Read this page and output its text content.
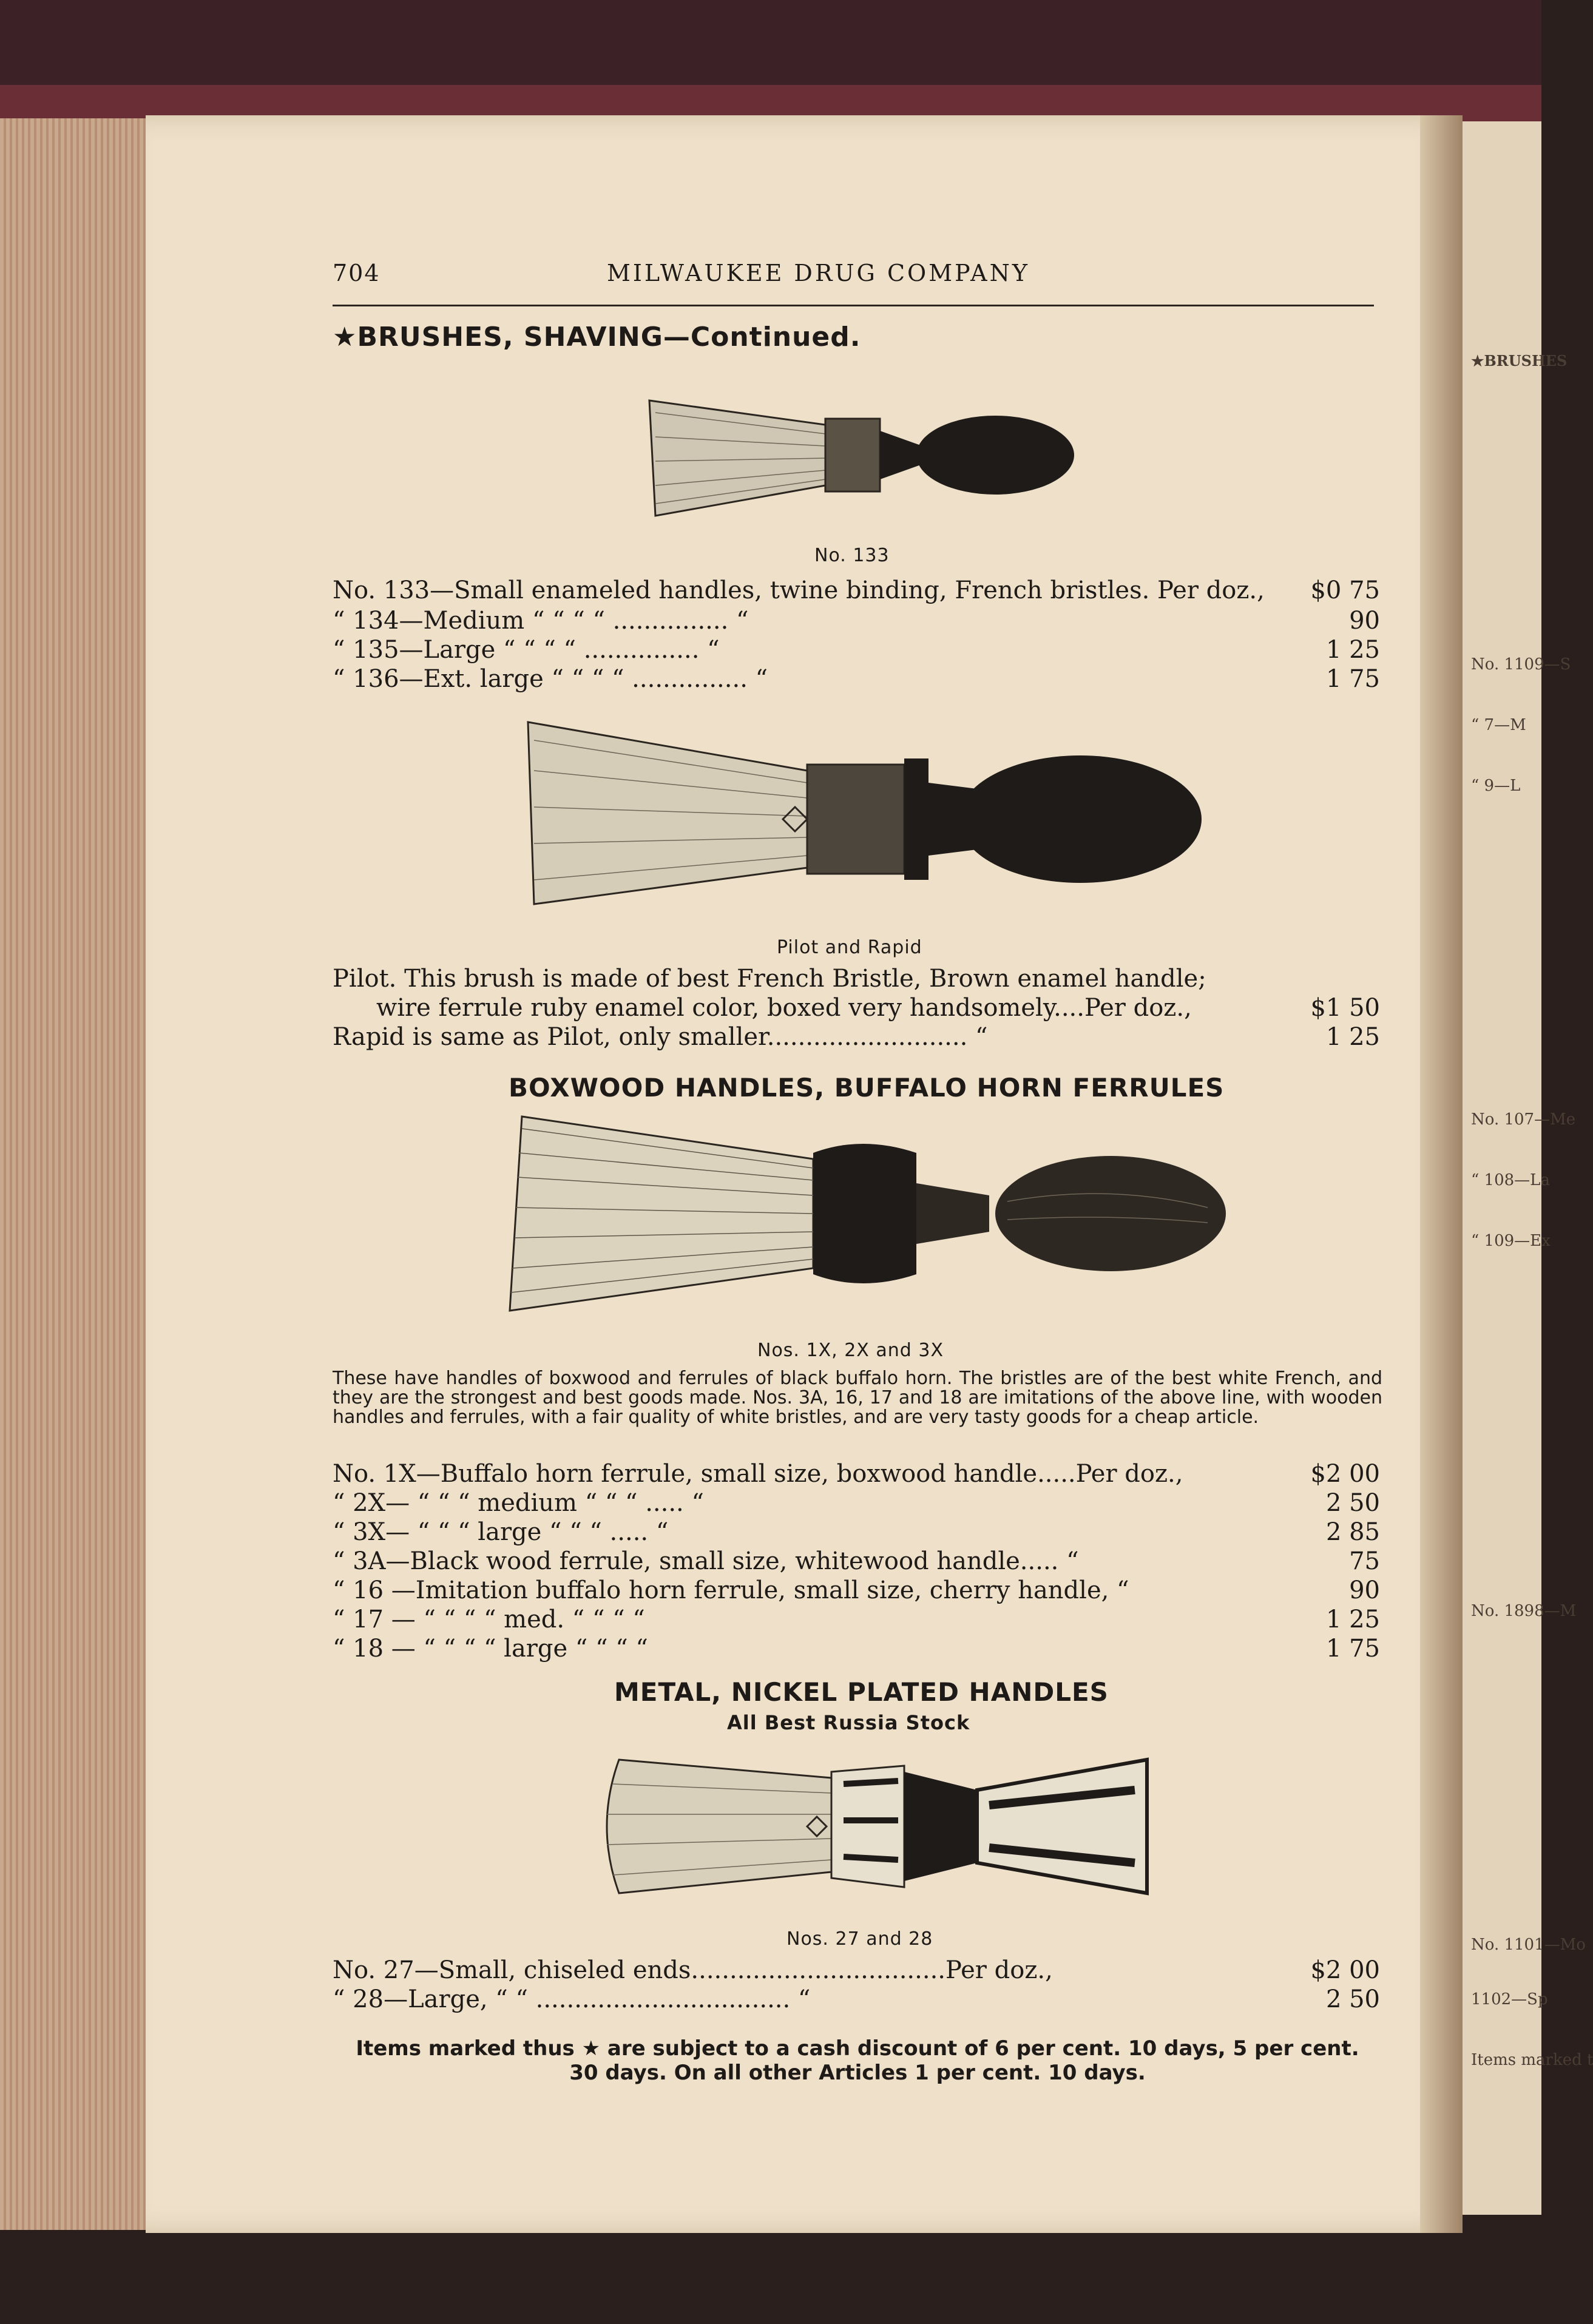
★BRUSHES
No. 1109—S
“ 7—M
“ 9—L
No. 107—Me
“ 108—La
“ 109—Ex
No. 1898—M
No. 1101—Mo
1102—Sp
Items marked t
704	MILWAUKEE DRUG COMPANY
★BRUSHES, SHAVING—Continued.
No. 133
No. 133—Small enameled handles, twine binding, French bristles. Per doz., $0 75
“ 134—Medium “ “ “ “ ............... “	90
“ 135—Large “ “ “ “ ............... “	1 25
“ 136—Ext. large “ “ “ “ ............... “	1 75
Pilot and Rapid
Pilot. This brush is made of best French Bristle, Brown enamel handle;
wire ferrule ruby enamel color, boxed very handsomely....Per doz.,	$1 50
Rapid is same as Pilot, only smaller.......................... “	1 25
BOXWOOD HANDLES, BUFFALO HORN FERRULES
Nos. 1X, 2X and 3X
These have handles of boxwood and ferrules of black buffalo horn. The bristles are of the best white French, and they are the strongest and best goods made. Nos. 3A, 16, 17 and 18 are imitations of the above line, with wooden handles and ferrules, with a fair quality of white bristles, and are very tasty goods for a cheap article.
No. 1X—Buffalo horn ferrule, small size, boxwood handle.....Per doz.,	$2 00
“ 2X— “ “ “ medium “ “ “ ..... “	2 50
“ 3X— “ “ “ large “ “ “ ..... “	2 85
“ 3A—Black wood ferrule, small size, whitewood handle..... “	75
“ 16 —Imitation buffalo horn ferrule, small size, cherry handle, “	90
“ 17 — “ “ “ “ med. “ “ “ “	1 25
“ 18 — “ “ “ “ large “ “ “ “	1 75
METAL, NICKEL PLATED HANDLES
All Best Russia Stock
Nos. 27 and 28
No. 27—Small, chiseled ends.................................Per doz.,	$2 00
“ 28—Large, “ “ ................................. “	2 50
Items marked thus ★ are subject to a cash discount of 6 per cent. 10 days, 5 per cent.
30 days. On all other Articles 1 per cent. 10 days.
